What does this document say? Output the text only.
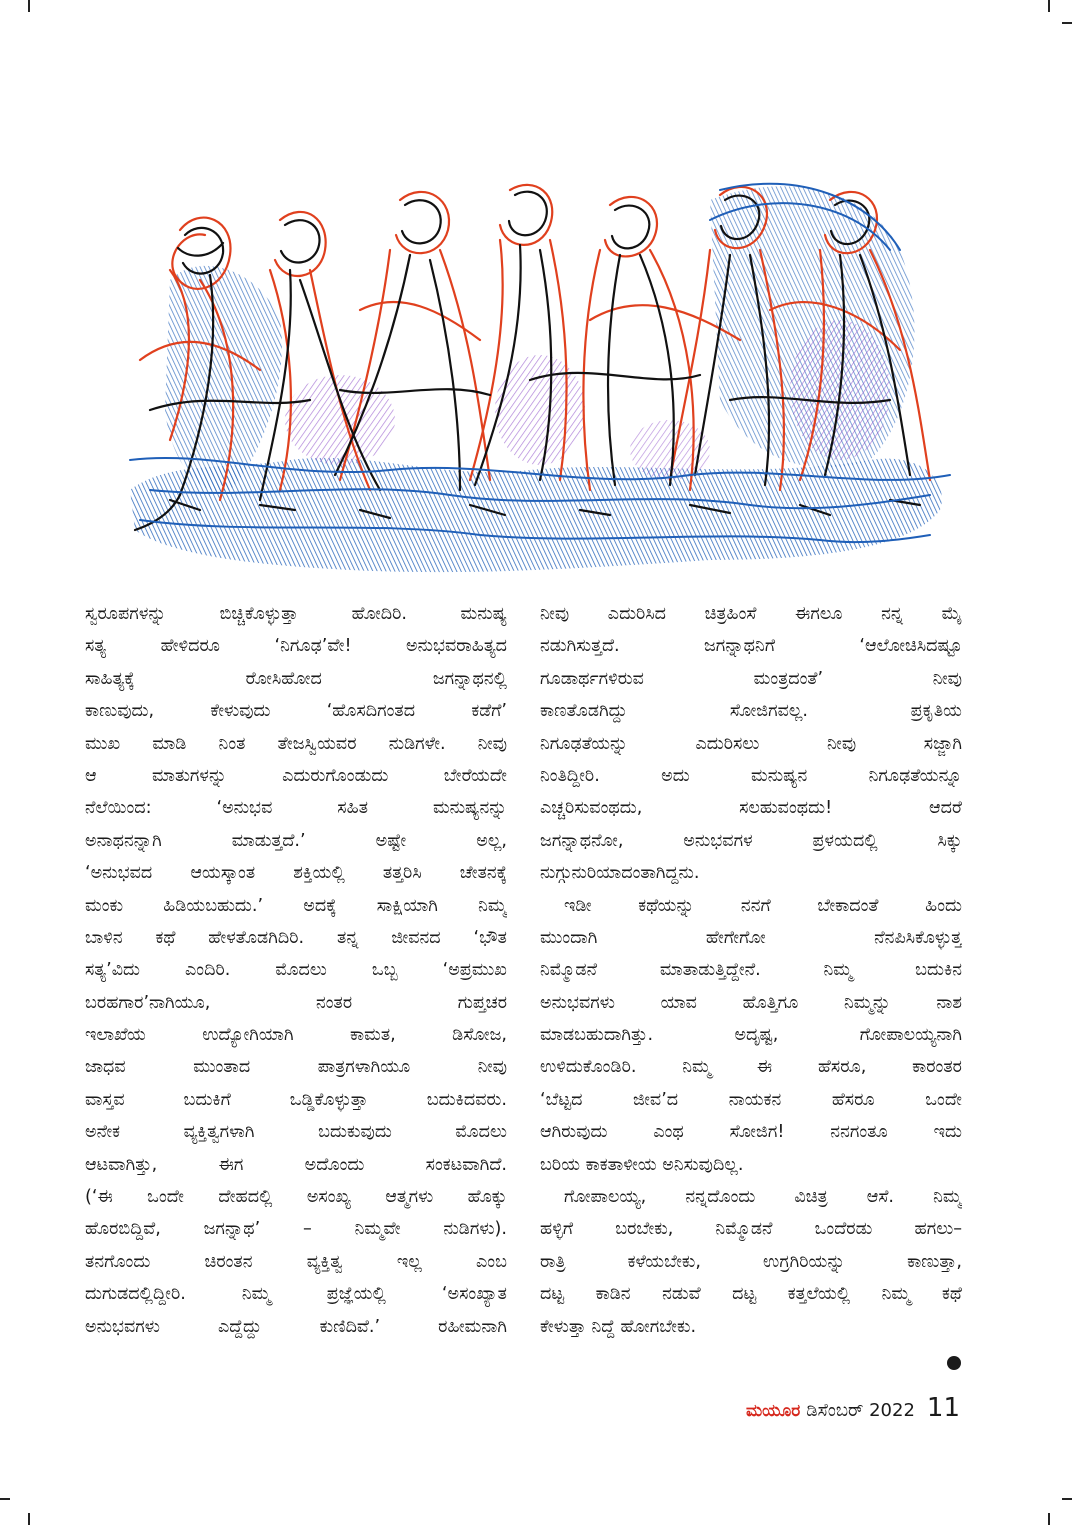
ಸ್ವರೂಪಗಳನ್ನು ಬಿಚ್ಚಿಕೊಳ್ಳುತ್ತಾ ಹೋದಿರಿ. ಮನುಷ್ಯ
ಸತ್ಯ ಹೇಳಿದರೂ ‘ನಿಗೂಢ’ವೇ! ಅನುಭವರಾಹಿತ್ಯದ
ಸಾಹಿತ್ಯಕ್ಕೆ ರೋಸಿಹೋದ ಜಗನ್ನಾಥನಲ್ಲಿ
ಕಾಣುವುದು, ಕೇಳುವುದು ‘ಹೊಸದಿಗಂತದ ಕಡೆಗೆ’
ಮುಖ ಮಾಡಿ ನಿಂತ ತೇಜಸ್ವಿಯವರ ನುಡಿಗಳೇ. ನೀವು
ಆ ಮಾತುಗಳನ್ನು ಎದುರುಗೊಂಡುದು ಬೇರೆಯದೇ
ನೆಲೆಯಿಂದ: ‘ಅನುಭವ ಸಹಿತ ಮನುಷ್ಯನನ್ನು
ಅನಾಥನನ್ನಾಗಿ ಮಾಡುತ್ತದೆ.’ ಅಷ್ಟೇ ಅಲ್ಲ,
‘ಅನುಭವದ ಆಯಸ್ಕಾಂತ ಶಕ್ತಿಯಲ್ಲಿ ತತ್ತರಿಸಿ ಚೇತನಕ್ಕೆ
ಮಂಕು ಹಿಡಿಯಬಹುದು.’ ಅದಕ್ಕೆ ಸಾಕ್ಷಿಯಾಗಿ ನಿಮ್ಮ
ಬಾಳಿನ ಕಥೆ ಹೇಳತೊಡಗಿದಿರಿ. ತನ್ನ ಜೀವನದ ‘ಭೌತ
ಸತ್ಯ’ವಿದು ಎಂದಿರಿ. ಮೊದಲು ಒಬ್ಬ ‘ಅಪ್ರಮುಖ
ಬರಹಗಾರ’ನಾಗಿಯೂ, ನಂತರ ಗುಪ್ತಚರ
ಇಲಾಖೆಯ ಉದ್ಯೋಗಿಯಾಗಿ ಕಾಮತ, ಡಿಸೋಜ,
ಜಾಧವ ಮುಂತಾದ ಪಾತ್ರಗಳಾಗಿಯೂ ನೀವು
ವಾಸ್ತವ ಬದುಕಿಗೆ ಒಡ್ಡಿಕೊಳ್ಳುತ್ತಾ ಬದುಕಿದವರು.
ಅನೇಕ ವ್ಯಕ್ತಿತ್ವಗಳಾಗಿ ಬದುಕುವುದು ಮೊದಲು
ಆಟವಾಗಿತ್ತು, ಈಗ ಅದೊಂದು ಸಂಕಟವಾಗಿದೆ.
(‘ಈ ಒಂದೇ ದೇಹದಲ್ಲಿ ಅಸಂಖ್ಯ ಆತ್ಮಗಳು ಹೊಕ್ಕು
ಹೊರಬಿದ್ದಿವೆ, ಜಗನ್ನಾಥ’ – ನಿಮ್ಮವೇ ನುಡಿಗಳು).
ತನಗೊಂದು ಚಿರಂತನ ವ್ಯಕ್ತಿತ್ವ ಇಲ್ಲ ಎಂಬ
ದುಗುಡದಲ್ಲಿದ್ದೀರಿ. ನಿಮ್ಮ ಪ್ರಜ್ಞೆಯಲ್ಲಿ ‘ಅಸಂಖ್ಯಾತ
ಅನುಭವಗಳು ಎದ್ದೆದ್ದು ಕುಣಿದಿವೆ.’ ರಹೀಮನಾಗಿ
ನೀವು ಎದುರಿಸಿದ ಚಿತ್ರಹಿಂಸೆ ಈಗಲೂ ನನ್ನ ಮೈ
ನಡುಗಿಸುತ್ತದೆ. ಜಗನ್ನಾಥನಿಗೆ ‘ಆಲೋಚಿಸಿದಷ್ಟೂ
ಗೂಡಾರ್ಥಗಳಿರುವ ಮಂತ್ರದಂತೆ’ ನೀವು
ಕಾಣತೊಡಗಿದ್ದು ಸೋಜಿಗವಲ್ಲ. ಪ್ರಕೃತಿಯ
ನಿಗೂಢತೆಯನ್ನು ಎದುರಿಸಲು ನೀವು ಸಜ್ಜಾಗಿ
ನಿಂತಿದ್ದೀರಿ. ಅದು ಮನುಷ್ಯನ ನಿಗೂಢತೆಯನ್ನೂ
ಎಚ್ಚರಿಸುವಂಥದು, ಸಲಹುವಂಥದು! ಆದರೆ
ಜಗನ್ನಾಥನೋ, ಅನುಭವಗಳ ಪ್ರಳಯದಲ್ಲಿ ಸಿಕ್ಕು
ನುಗ್ಗುನುರಿಯಾದಂತಾಗಿದ್ದನು.
ಇಡೀ ಕಥೆಯನ್ನು ನನಗೆ ಬೇಕಾದಂತೆ ಹಿಂದು
ಮುಂದಾಗಿ ಹೇಗೇಗೋ ನೆನಪಿಸಿಕೊಳ್ಳುತ್ತ
ನಿಮ್ಮೊಡನೆ ಮಾತಾಡುತ್ತಿದ್ದೇನೆ. ನಿಮ್ಮ ಬದುಕಿನ
ಅನುಭವಗಳು ಯಾವ ಹೊತ್ತಿಗೂ ನಿಮ್ಮನ್ನು ನಾಶ
ಮಾಡಬಹುದಾಗಿತ್ತು. ಅದೃಷ್ಟ, ಗೋಪಾಲಯ್ಯನಾಗಿ
ಉಳಿದುಕೊಂಡಿರಿ. ನಿಮ್ಮ ಈ ಹೆಸರೂ, ಕಾರಂತರ
‘ಬೆಟ್ಟದ ಜೀವ’ದ ನಾಯಕನ ಹೆಸರೂ ಒಂದೇ
ಆಗಿರುವುದು ಎಂಥ ಸೋಜಿಗ! ನನಗಂತೂ ಇದು
ಬರಿಯ ಕಾಕತಾಳೀಯ ಅನಿಸುವುದಿಲ್ಲ.
ಗೋಪಾಲಯ್ಯ, ನನ್ನದೊಂದು ವಿಚಿತ್ರ ಆಸೆ. ನಿಮ್ಮ
ಹಳ್ಳಿಗೆ ಬರಬೇಕು, ನಿಮ್ಮೊಡನೆ ಒಂದೆರಡು ಹಗಲು–
ರಾತ್ರಿ ಕಳೆಯಬೇಕು, ಉಗ್ರಗಿರಿಯನ್ನು ಕಾಣುತ್ತಾ,
ದಟ್ಟ ಕಾಡಿನ ನಡುವೆ ದಟ್ಟ ಕತ್ತಲೆಯಲ್ಲಿ ನಿಮ್ಮ ಕಥೆ
ಕೇಳುತ್ತಾ ನಿದ್ದೆ ಹೋಗಬೇಕು.
ಮಯೂರ ಡಿಸೆಂಬರ್ 2022 11
